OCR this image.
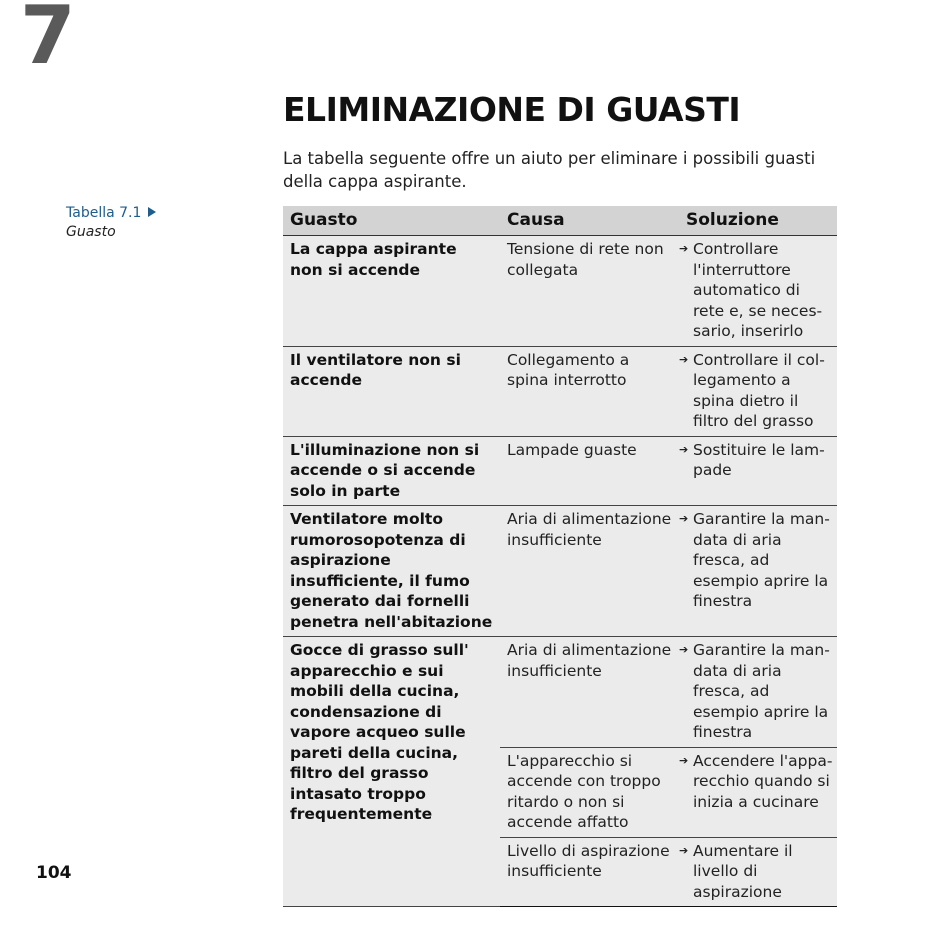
7
ELIMINAZIONE DI GUASTI

La tabella seguente offre un aiuto per eliminare i possibili guasti della cappa aspirante.

Tabella 7.1
Guasto
Guasto	Causa	Soluzione
La cappa aspirante non si accende	Tensione di rete non collegata	➔ Controllare l'interruttore automatico di rete e, se necessario, inserirlo

Il ventilatore non si accende	Collegamento a spina interrotto	➔ Controllare il collegamento a spina dietro il filtro del grasso

L'illuminazione non si accende o si accende solo in parte	Lampade guaste	➔ Sostituire le lampade

Ventilatore molto rumorosopotenza di aspirazione insufficiente, il fumo generato dai fornelli penetra nell'abitazione	Aria di alimentazione insufficiente	➔ Garantire la mandata di aria fresca, ad esempio aprire la finestra

Gocce di grasso sull' apparecchio e sui mobili della cucina, condensazione di vapore acqueo sulle pareti della cucina, filtro del grasso intasato troppo frequentemente	Aria di alimentazione insufficiente	➔ Garantire la mandata di aria fresca, ad esempio aprire la finestra

	L'apparecchio si accende con troppo ritardo o non si accende affatto	➔ Accendere l'apparecchio quando si inizia a cucinare

	Livello di aspirazione insufficiente	➔ Aumentare il livello di aspirazione
104
